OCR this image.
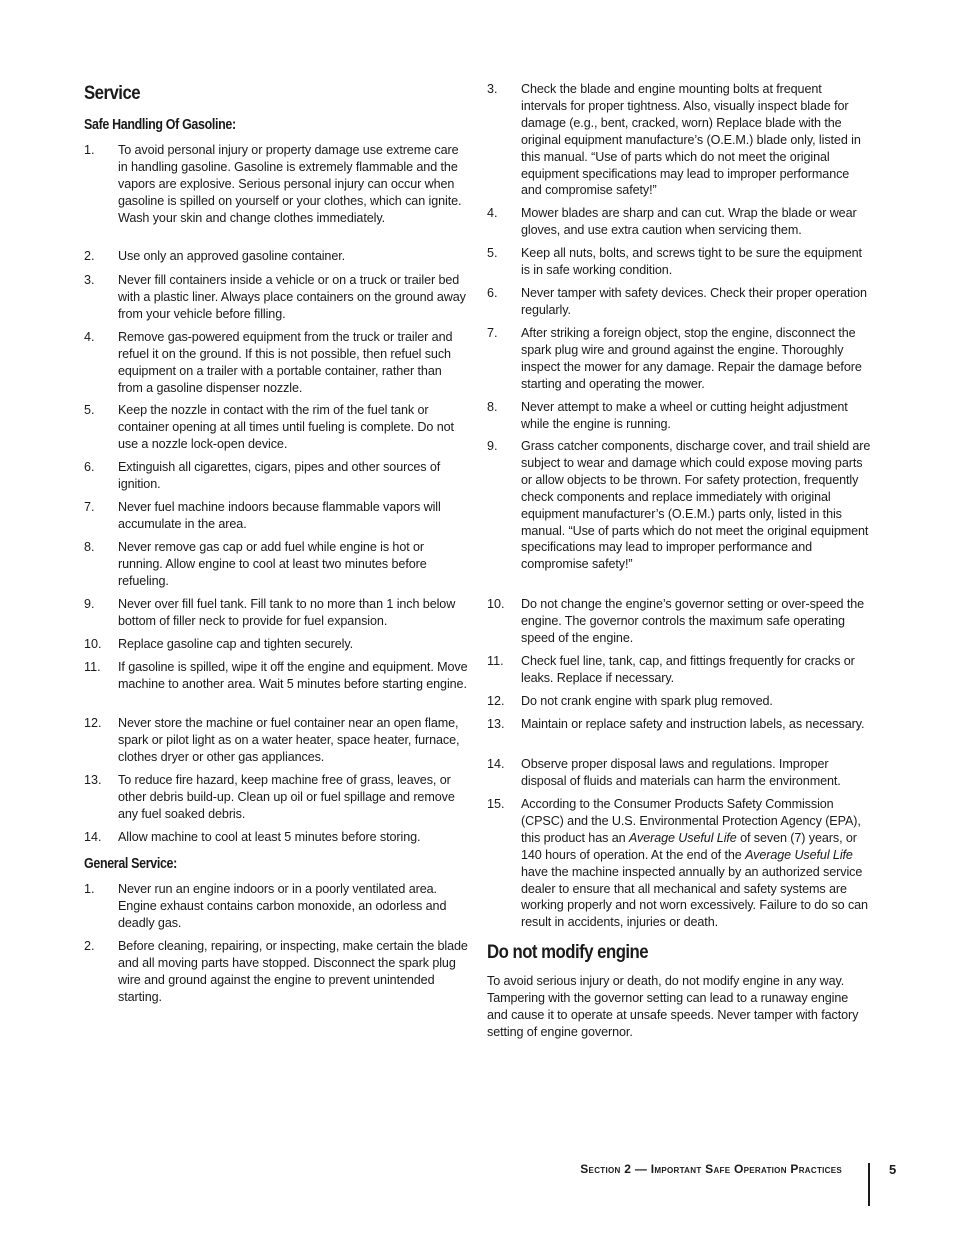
Service
Safe Handling Of Gasoline:
1. To avoid personal injury or property damage use extreme care in handling gasoline. Gasoline is extremely flammable and the vapors are explosive. Serious personal injury can occur when gasoline is spilled on yourself or your clothes, which can ignite. Wash your skin and change clothes immediately.
2. Use only an approved gasoline container.
3. Never fill containers inside a vehicle or on a truck or trailer bed with a plastic liner. Always place containers on the ground away from your vehicle before filling.
4. Remove gas-powered equipment from the truck or trailer and refuel it on the ground. If this is not possible, then refuel such equipment on a trailer with a portable container, rather than from a gasoline dispenser nozzle.
5. Keep the nozzle in contact with the rim of the fuel tank or container opening at all times until fueling is complete. Do not use a nozzle lock-open device.
6. Extinguish all cigarettes, cigars, pipes and other sources of ignition.
7. Never fuel machine indoors because flammable vapors will accumulate in the area.
8. Never remove gas cap or add fuel while engine is hot or running. Allow engine to cool at least two minutes before refueling.
9. Never over fill fuel tank. Fill tank to no more than 1 inch below bottom of filler neck to provide for fuel expansion.
10. Replace gasoline cap and tighten securely.
11. If gasoline is spilled, wipe it off the engine and equipment. Move machine to another area. Wait 5 minutes before starting engine.
12. Never store the machine or fuel container near an open flame, spark or pilot light as on a water heater, space heater, furnace, clothes dryer or other gas appliances.
13. To reduce fire hazard, keep machine free of grass, leaves, or other debris build-up. Clean up oil or fuel spillage and remove any fuel soaked debris.
14. Allow machine to cool at least 5 minutes before storing.
General Service:
1. Never run an engine indoors or in a poorly ventilated area. Engine exhaust contains carbon monoxide, an odorless and deadly gas.
2. Before cleaning, repairing, or inspecting, make certain the blade and all moving parts have stopped. Disconnect the spark plug wire and ground against the engine to prevent unintended starting.
3. Check the blade and engine mounting bolts at frequent intervals for proper tightness. Also, visually inspect blade for damage (e.g., bent, cracked, worn) Replace blade with the original equipment manufacture’s (O.E.M.) blade only, listed in this manual. “Use of parts which do not meet the original equipment specifications may lead to improper performance and compromise safety!”
4. Mower blades are sharp and can cut. Wrap the blade or wear gloves, and use extra caution when servicing them.
5. Keep all nuts, bolts, and screws tight to be sure the equipment is in safe working condition.
6. Never tamper with safety devices. Check their proper operation regularly.
7. After striking a foreign object, stop the engine, disconnect the spark plug wire and ground against the engine. Thoroughly inspect the mower for any damage. Repair the damage before starting and operating the mower.
8. Never attempt to make a wheel or cutting height adjustment while the engine is running.
9. Grass catcher components, discharge cover, and trail shield are subject to wear and damage which could expose moving parts or allow objects to be thrown. For safety protection, frequently check components and replace immediately with original equipment manufacturer’s (O.E.M.) parts only, listed in this manual. “Use of parts which do not meet the original equipment specifications may lead to improper performance and compromise safety!”
10. Do not change the engine’s governor setting or over-speed the engine. The governor controls the maximum safe operating speed of the engine.
11. Check fuel line, tank, cap, and fittings frequently for cracks or leaks. Replace if necessary.
12. Do not crank engine with spark plug removed.
13. Maintain or replace safety and instruction labels, as necessary.
14. Observe proper disposal laws and regulations. Improper disposal of fluids and materials can harm the environment.
15. According to the Consumer Products Safety Commission (CPSC) and the U.S. Environmental Protection Agency (EPA), this product has an Average Useful Life of seven (7) years, or 140 hours of operation. At the end of the Average Useful Life have the machine inspected annually by an authorized service dealer to ensure that all mechanical and safety systems are working properly and not worn excessively. Failure to do so can result in accidents, injuries or death.
Do not modify engine
To avoid serious injury or death, do not modify engine in any way. Tampering with the governor setting can lead to a runaway engine and cause it to operate at unsafe speeds. Never tamper with factory setting of engine governor.
Section 2 — Important Safe Operation Practices	5
